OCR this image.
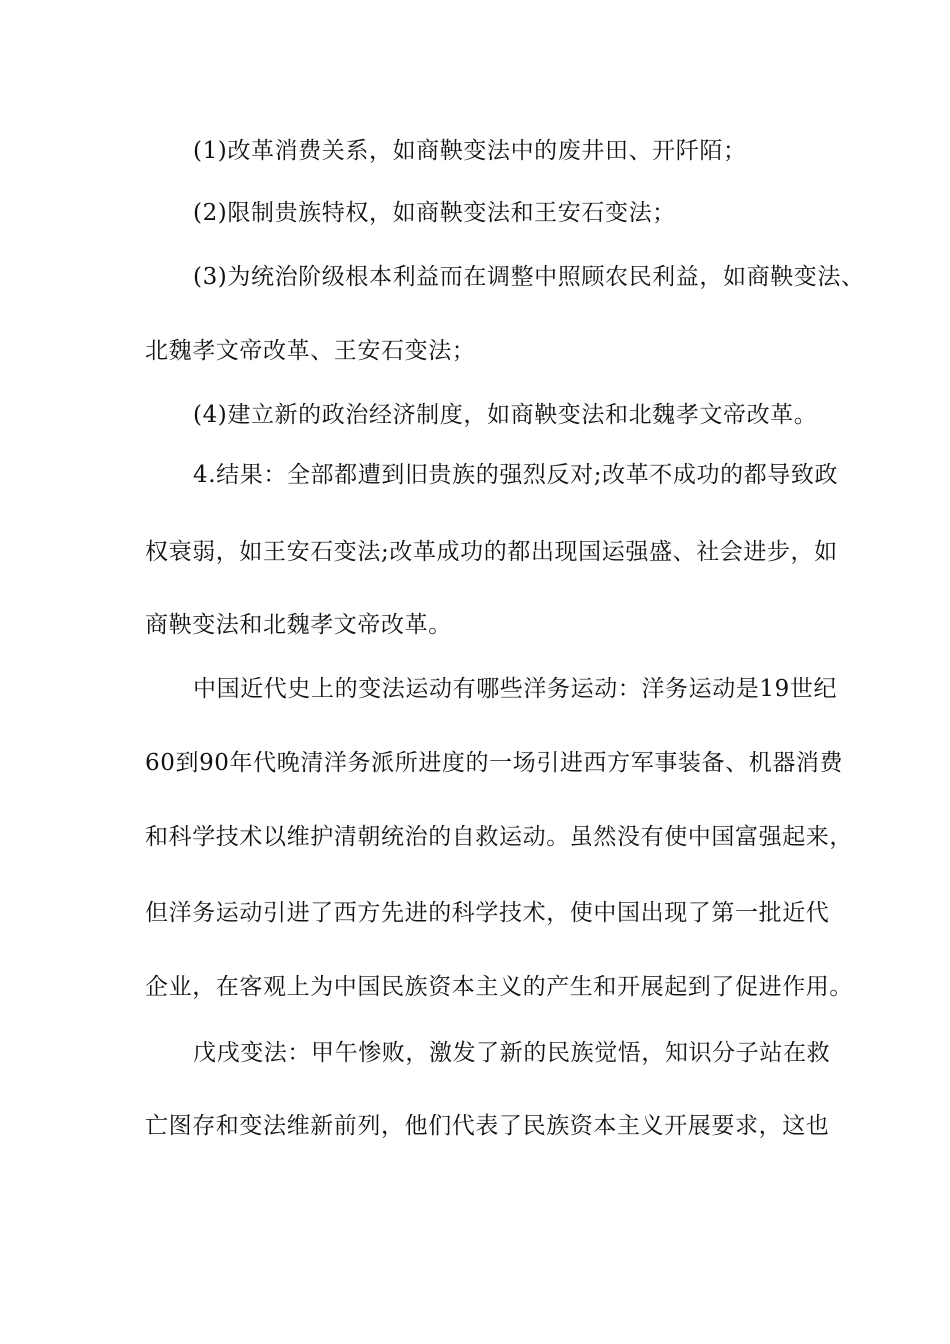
(1)改革消费关系，如商鞅变法中的废井田、开阡陌；
(2)限制贵族特权，如商鞅变法和王安石变法；
(3)为统治阶级根本利益而在调整中照顾农民利益，如商鞅变法、
北魏孝文帝改革、王安石变法；
(4)建立新的政治经济制度，如商鞅变法和北魏孝文帝改革。
4.结果：全部都遭到旧贵族的强烈反对;改革不成功的都导致政
权衰弱，如王安石变法;改革成功的都出现国运强盛、社会进步，如
商鞅变法和北魏孝文帝改革。
中国近代史上的变法运动有哪些洋务运动：洋务运动是19世纪
60到90年代晚清洋务派所进度的一场引进西方军事装备、机器消费
和科学技术以维护清朝统治的自救运动。虽然没有使中国富强起来，
但洋务运动引进了西方先进的科学技术，使中国出现了第一批近代
企业，在客观上为中国民族资本主义的产生和开展起到了促进作用。
戊戌变法：甲午惨败，激发了新的民族觉悟，知识分子站在救
亡图存和变法维新前列，他们代表了民族资本主义开展要求，这也
